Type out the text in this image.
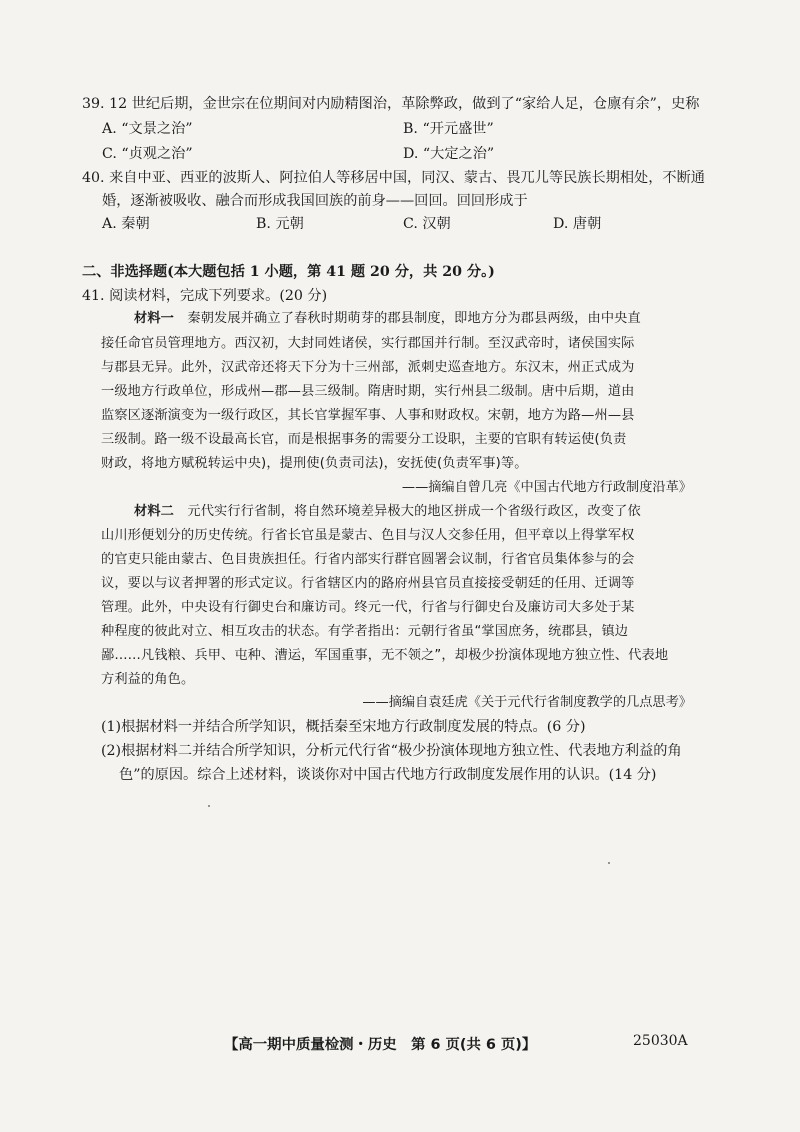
39. 12 世纪后期，金世宗在位期间对内励精图治，革除弊政，做到了“家给人足，仓廪有余”，史称
A. “文景之治”	B. “开元盛世”
C. “贞观之治”	D. “大定之治”
40. 来自中亚、西亚的波斯人、阿拉伯人等移居中国，同汉、蒙古、畏兀儿等民族长期相处，不断通
婚，逐渐被吸收、融合而形成我国回族的前身——回回。回回形成于
A. 秦朝	B. 元朝	C. 汉朝	D. 唐朝
二、非选择题(本大题包括 1 小题，第 41 题 20 分，共 20 分。)
41. 阅读材料，完成下列要求。(20 分)
材料一　 秦朝发展并确立了春秋时期萌芽的郡县制度，即地方分为郡县两级，由中央直
接任命官员管理地方。西汉初，大封同姓诸侯，实行郡国并行制。至汉武帝时，诸侯国实际
与郡县无异。此外，汉武帝还将天下分为十三州部，派刺史巡查地方。东汉末，州正式成为
一级地方行政单位，形成州—郡—县三级制。隋唐时期，实行州县二级制。唐中后期，道由
监察区逐渐演变为一级行政区，其长官掌握军事、人事和财政权。宋朝，地方为路—州—县
三级制。路一级不设最高长官，而是根据事务的需要分工设职，主要的官职有转运使(负责
财政，将地方赋税转运中央)，提刑使(负责司法)，安抚使(负责军事)等。
——摘编自曾几亮《中国古代地方行政制度沿革》
材料二　 元代实行行省制，将自然环境差异极大的地区拼成一个省级行政区，改变了依
山川形便划分的历史传统。行省长官虽是蒙古、色目与汉人交参任用，但平章以上得掌军权
的官吏只能由蒙古、色目贵族担任。行省内部实行群官圆署会议制，行省官员集体参与的会
议，要以与议者押署的形式定议。行省辖区内的路府州县官员直接接受朝廷的任用、迁调等
管理。此外，中央设有行御史台和廉访司。终元一代，行省与行御史台及廉访司大多处于某
种程度的彼此对立、相互攻击的状态。有学者指出：元朝行省虽“掌国庶务，统郡县，镇边
鄙……凡钱粮、兵甲、屯种、漕运，军国重事，无不领之”，却极少扮演体现地方独立性、代表地
方利益的角色。
——摘编自袁廷虎《关于元代行省制度教学的几点思考》
(1)根据材料一并结合所学知识，概括秦至宋地方行政制度发展的特点。(6 分)
(2)根据材料二并结合所学知识，分析元代行省“极少扮演体现地方独立性、代表地方利益的角
色”的原因。综合上述材料，谈谈你对中国古代地方行政制度发展作用的认识。(14 分)
【高一期中质量检测・历史　第 6 页(共 6 页)】	25030A
